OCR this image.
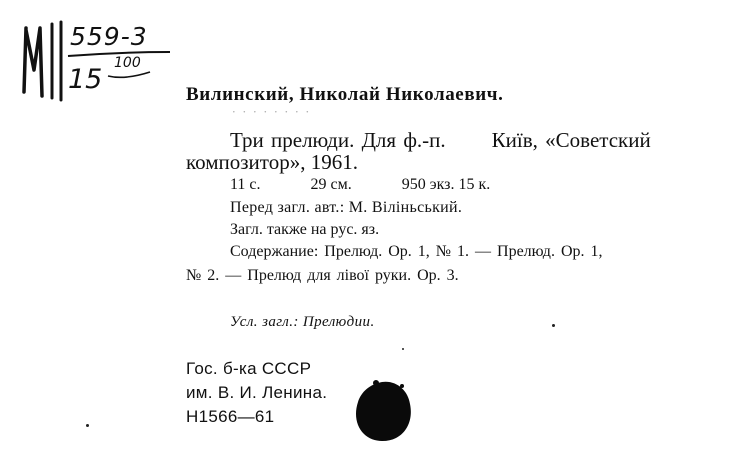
559-3
15
100
Вилинский, Николай Николаевич.
· · · · · · · ·
Три прелюди. Для ф.-п. Київ, «Советский
композитор», 1961.
11 с.	29 см.	950 экз. 15 к.
Перед загл. авт.: М. Віліньський.
Загл. также на рус. яз.
Содержание: Прелюд. Ор. 1, № 1. — Прелюд. Ор. 1,
№ 2. — Прелюд для лівої руки. Ор. 3.
Усл. загл.: Прелюдии.
Гос. б-ка СССР
им. В. И. Ленина.
Н1566—61
